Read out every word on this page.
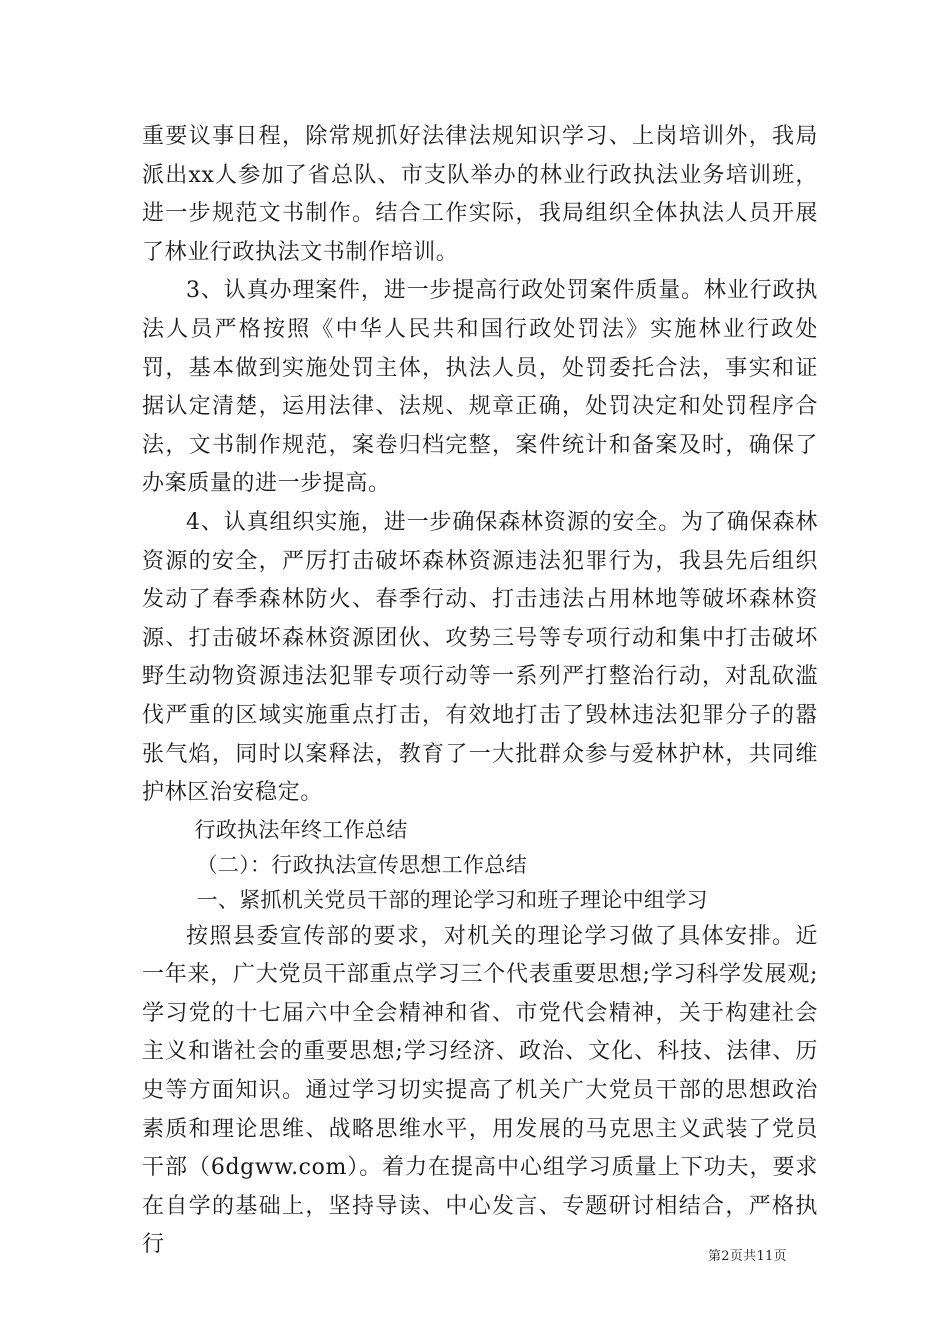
重要议事日程，除常规抓好法律法规知识学习、上岗培训外，我局派出xx人参加了省总队、市支队举办的林业行政执法业务培训班，进一步规范文书制作。结合工作实际，我局组织全体执法人员开展了林业行政执法文书制作培训。

3、认真办理案件，进一步提高行政处罚案件质量。林业行政执法人员严格按照《中华人民共和国行政处罚法》实施林业行政处罚，基本做到实施处罚主体，执法人员，处罚委托合法，事实和证据认定清楚，运用法律、法规、规章正确，处罚决定和处罚程序合法，文书制作规范，案卷归档完整，案件统计和备案及时，确保了办案质量的进一步提高。

4、认真组织实施，进一步确保森林资源的安全。为了确保森林资源的安全，严厉打击破坏森林资源违法犯罪行为，我县先后组织发动了春季森林防火、春季行动、打击违法占用林地等破坏森林资源、打击破坏森林资源团伙、攻势三号等专项行动和集中打击破坏野生动物资源违法犯罪专项行动等一系列严打整治行动，对乱砍滥伐严重的区域实施重点打击，有效地打击了毁林违法犯罪分子的嚣张气焰，同时以案释法，教育了一大批群众参与爱林护林，共同维护林区治安稳定。

行政执法年终工作总结

（二）：行政执法宣传思想工作总结

一、紧抓机关党员干部的理论学习和班子理论中组学习

按照县委宣传部的要求，对机关的理论学习做了具体安排。近一年来，广大党员干部重点学习三个代表重要思想;学习科学发展观;学习党的十七届六中全会精神和省、市党代会精神，关于构建社会主义和谐社会的重要思想;学习经济、政治、文化、科技、法律、历史等方面知识。通过学习切实提高了机关广大党员干部的思想政治素质和理论思维、战略思维水平，用发展的马克思主义武装了党员干部（6dgww.com）。着力在提高中心组学习质量上下功夫，要求在自学的基础上，坚持导读、中心发言、专题研讨相结合，严格执行	第2页共11页
